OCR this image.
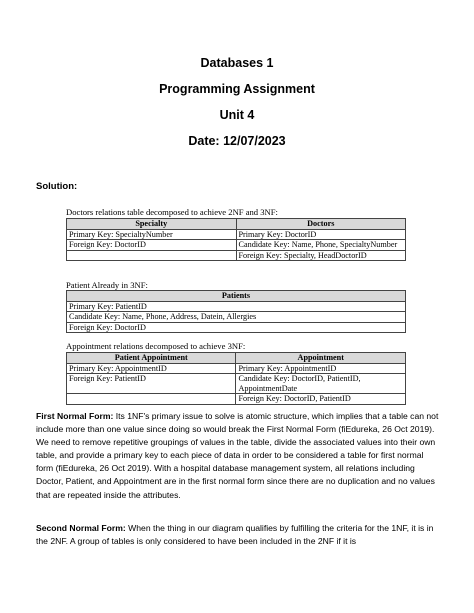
Databases 1
Programming Assignment
Unit 4
Date: 12/07/2023
Solution:
Doctors relations table decomposed to achieve 2NF and 3NF:
Specialty	Doctors
Primary Key: SpecialtyNumber	Primary Key: DoctorID
Foreign Key: DoctorID	Candidate Key: Name, Phone, SpecialtyNumber
	Foreign Key: Specialty, HeadDoctorID
Patient Already in 3NF:
Patients
Primary Key: PatientID
Candidate Key: Name, Phone, Address, Datein, Allergies
Foreign Key: DoctorID
Appointment relations decomposed to achieve 3NF:
Patient Appointment	Appointment
Primary Key: AppointmentID	Primary Key: AppointmentID
Foreign Key: PatientID	Candidate Key: DoctorID, PatientID, AppointmentDate
	Foreign Key: DoctorID, PatientID
First Normal Form: Its 1NF's primary issue to solve is atomic structure, which implies that a table can not include more than one value since doing so would break the First Normal Form (fiEdureka, 26 Oct 2019). We need to remove repetitive groupings of values in the table, divide the associated values into their own table, and provide a primary key to each piece of data in order to be considered a table for first normal form (fiEdureka, 26 Oct 2019). With a hospital database management system, all relations including Doctor, Patient, and Appointment are in the first normal form since there are no duplication and no values that are repeated inside the attributes.
Second Normal Form: When the thing in our diagram qualifies by fulfilling the criteria for the 1NF, it is in the 2NF. A group of tables is only considered to have been included in the 2NF if it is
